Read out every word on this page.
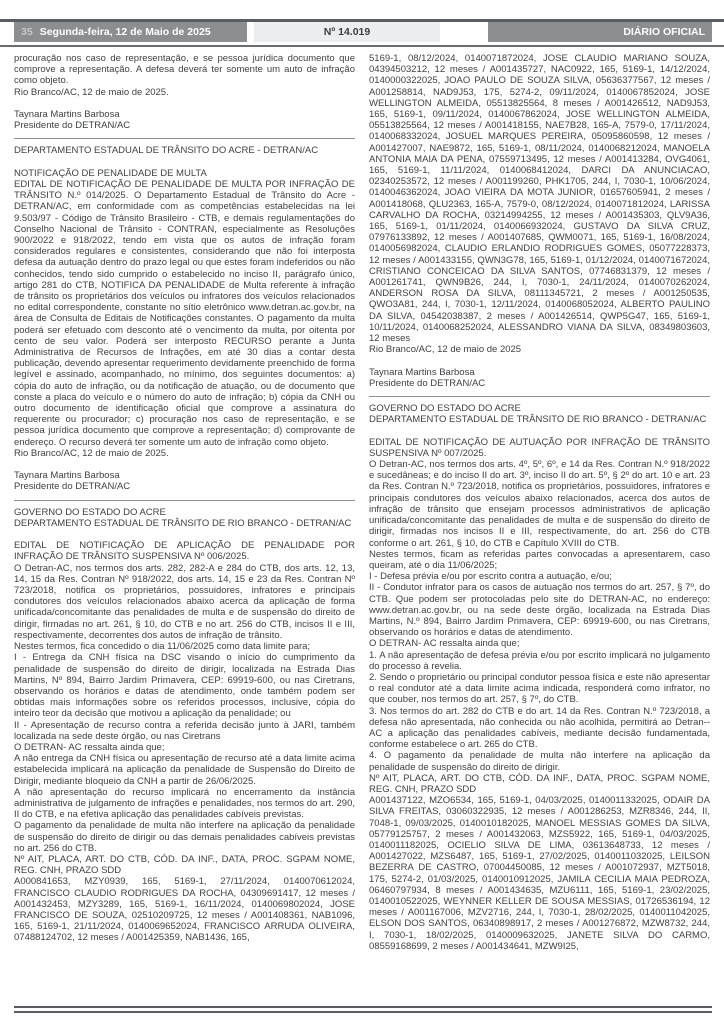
35 Segunda-feira, 12 de Maio de 2025	Nº 14.019	DIÁRIO OFICIAL

procuração nos caso de representação, e se pessoa jurídica documento que comprove a representação. A defesa deverá ter somente um auto de infração como objeto.

Rio Branco/AC, 12 de maio de 2025.

Taynara Martins Barbosa

Presidente do DETRAN/AC

DEPARTAMENTO ESTADUAL DE TRÂNSITO DO ACRE - DETRAN/AC

NOTIFICAÇÃO DE PENALIDADE DE MULTA

EDITAL DE NOTIFICAÇÃO DE PENALIDADE DE MULTA POR INFRAÇÃO DE TRÂNSITO N.º 014/2025. O Departamento Estadual de Trânsito do Acre - DETRAN/AC, em conformidade com as competências estabelecidas na lei 9.503/97 - Código de Trânsito Brasileiro - CTB, e demais regulamentações do Conselho Nacional de Trânsito - CONTRAN, especialmente as Resoluções 900/2022 e 918/2022, tendo em vista que os autos de infração foram considerados regulares e consistentes, considerando que não foi interposta defesa da autuação dentro do prazo legal ou que estes foram indeferidos ou não conhecidos, tendo sido cumprido o estabelecido no inciso II, parágrafo único, artigo 281 do CTB, NOTIFICA DA PENALIDADE de Multa referente à infração de trânsito os proprietários dos veículos ou infratores dos veículos relacionados no edital correspondente, constante no sítio eletrônico www.detran.ac.gov.br, na área de Consulta de Editais de Notificações constantes. O pagamento da multa poderá ser efetuado com desconto até o vencimento da multa, por oitenta por cento de seu valor. Poderá ser interposto RECURSO perante a Junta Administrativa de Recursos de Infrações, em até 30 dias a contar desta publicação, devendo apresentar requerimento devidamente preenchido de forma legível e assinado, acompanhado, no mínimo, dos seguintes documentos: a) cópia do auto de infração, ou da notificação de atuação, ou de documento que conste a placa do veículo e o número do auto de infração; b) cópia da CNH ou outro documento de identificação oficial que comprove a assinatura do requerente ou procurador; c) procuração nos caso de representação, e se pessoa jurídica documento que comprove a representação; d) comprovante de endereço. O recurso deverá ter somente um auto de infração como objeto.

Rio Branco/AC, 12 de maio de 2025.

Taynara Martins Barbosa

Presidente do DETRAN/AC

GOVERNO DO ESTADO DO ACRE

DEPARTAMENTO ESTADUAL DE TRÂNSITO DE RIO BRANCO - DETRAN/AC

EDITAL DE NOTIFICAÇÃO DE APLICAÇÃO DE PENALIDADE POR INFRAÇÃO DE TRÂNSITO SUSPENSIVA Nº 006/2025.

O Detran-AC, nos termos dos arts. 282, 282-A e 284 do CTB, dos arts. 12, 13, 14, 15 da Res. Contran Nº 918/2022, dos arts. 14, 15 e 23 da Res. Contran Nº 723/2018, notifica os proprietários, possuidores, infratores e principais condutores dos veículos relacionados abaixo acerca da aplicação de forma unificada/concomitante das penalidades de multa e de suspensão do direito de dirigir, firmadas no art. 261, § 10, do CTB e no art. 256 do CTB, incisos II e III, respectivamente, decorrentes dos autos de infração de trânsito.

Nestes termos, fica concedido o dia 11/06/2025 como data limite para;

I - Entrega da CNH física na DSC visando o início do cumprimento da penalidade de suspensão do direito de dirigir, localizada na Estrada Dias Martins, Nº 894, Bairro Jardim Primavera, CEP: 69919-600, ou nas Ciretrans, observando os horários e datas de atendimento, onde também podem ser obtidas mais informações sobre os referidos processos, inclusive, cópia do inteiro teor da decisão que motivou a aplicação da penalidade; ou

II - Apresentação de recurso contra a referida decisão junto à JARI, também localizada na sede deste órgão, ou nas Ciretrans

O DETRAN- AC ressalta ainda que;

A não entrega da CNH física ou apresentação de recurso até a data limite acima estabelecida implicará na aplicação da penalidade de Suspensão do Direito de Dirigir, mediante bloqueio da CNH a partir de 26/06/2025.

A não apresentação do recurso implicará no encerramento da instância administrativa de julgamento de infrações e penalidades, nos termos do art. 290, II do CTB, e na efetiva aplicação das penalidades cabíveis previstas.

O pagamento da penalidade de multa não interfere na aplicação da penalidade de suspensão do direito de dirigir ou das demais penalidades cabíveis previstas no art. 256 do CTB.

Nº AIT, PLACA, ART. DO CTB, CÓD. DA INF., DATA, PROC. SGPAM NOME, REG. CNH, PRAZO SDD

A000841653, MZY0939, 165, 5169-1, 27/11/2024, 0140070612024, FRANCISCO CLAUDIO RODRIGUES DA ROCHA, 04309691417, 12 meses / A001432453, MZY3289, 165, 5169-1, 16/11/2024, 0140069802024, JOSE FRANCISCO DE SOUZA, 02510209725, 12 meses / A001408361, NAB1096, 165, 5169-1, 21/11/2024, 0140069652024, FRANCISCO ARRUDA OLIVEIRA, 07488124702, 12 meses / A001425359, NAB1436, 165,

5169-1, 08/12/2024, 0140071872024, JOSE CLAUDIO MARIANO SOUZA, 04394503212, 12 meses / A001435727, NAC0922, 165, 5169-1, 14/12/2024, 0140000322025, JOAO PAULO DE SOUZA SILVA, 05636377567, 12 meses / A001258814, NAD9J53, 175, 5274-2, 09/11/2024, 0140067852024, JOSE WELLINGTON ALMEIDA, 05513825564, 8 meses / A001426512, NAD9J53, 165, 5169-1, 09/11/2024, 0140067862024, JOSE WELLINGTON ALMEIDA, 05513825564, 12 meses / A001418155, NAE7B28, 165-A, 7579-0, 17/11/2024, 0140068332024, JOSUEL MARQUES PEREIRA, 05095860598, 12 meses / A001427007, NAE9872, 165, 5169-1, 08/11/2024, 0140068212024, MANOELA ANTONIA MAIA DA PENA, 07559713495, 12 meses / A001413284, OVG4061, 165, 5169-1, 11/11/2024, 0140068412024, DARCI DA ANUNCIACAO, 02340253572, 12 meses / A001199260, PHK1705, 244, I, 7030-1, 10/06/2024, 0140046362024, JOAO VIEIRA DA MOTA JUNIOR, 01657605941, 2 meses / A001418068, QLU2363, 165-A, 7579-0, 08/12/2024, 0140071812024, LARISSA CARVALHO DA ROCHA, 03214994255, 12 meses / A001435303, QLV9A36, 165, 5169-1, 01/11/2024, 0140066932024, GUSTAVO DA SILVA CRUZ, 07976133892, 12 meses / A001407685, QWM0071, 165, 5169-1, 16/08/2024, 0140056982024, CLAUDIO ERLANDIO RODRIGUES GOMES, 05077228373, 12 meses / A001433155, QWN3G78, 165, 5169-1, 01/12/2024, 0140071672024, CRISTIANO CONCEICAO DA SILVA SANTOS, 07746831379, 12 meses / A001261741, QWN9B26, 244, I, 7030-1, 24/11/2024, 0140070262024, ANDERSON ROSA DA SILVA, 08111345721, 2 meses / A001250535, QWO3A81, 244, I, 7030-1, 12/11/2024, 0140068052024, ALBERTO PAULINO DA SILVA, 04542038387, 2 meses / A001426514, QWP5G47, 165, 5169-1, 10/11/2024, 0140068252024, ALESSANDRO VIANA DA SILVA, 08349803603, 12 meses

Rio Branco/AC, 12 de maio de 2025

Taynara Martins Barbosa

Presidente do DETRAN/AC

GOVERNO DO ESTADO DO ACRE

DEPARTAMENTO ESTADUAL DE TRÂNSITO DE RIO BRANCO - DETRAN/AC

EDITAL DE NOTIFICAÇÃO DE AUTUAÇÃO POR INFRAÇÃO DE TRÂNSITO SUSPENSIVA Nº 007/2025.

O Detran-AC, nos termos dos arts. 4º, 5º, 6º, e 14 da Res. Contran N.º 918/2022 e sucedâneas; e do inciso II do art. 3º, inciso II do art. 5º, § 2º do art. 10 e art. 23 da Res. Contran N.º 723/2018, notifica os proprietários, possuidores, infratores e principais condutores dos veículos abaixo relacionados, acerca dos autos de infração de trânsito que ensejam processos administrativos de aplicação unificada/concomitante das penalidades de multa e de suspensão do direito de dirigir, firmadas nos incisos II e III, respectivamente, do art. 256 do CTB conforme o art. 261, § 10, do CTB e Capítulo XVIII do CTB.

Nestes termos, ficam as referidas partes convocadas a apresentarem, caso queiram, até o dia 11/06/2025;

I - Defesa prévia e/ou por escrito contra a autuação, e/ou;

II - Condutor infrator para os casos de autuação nos termos do art. 257, § 7º, do CTB. Que podem ser protocoladas pelo site do DETRAN-AC, no endereço: www.detran.ac.gov.br, ou na sede deste órgão, localizada na Estrada Dias Martins, N.º 894, Bairro Jardim Primavera, CEP: 69919-600, ou nas Ciretrans, observando os horários e datas de atendimento.

O DETRAN- AC ressalta ainda que;

1. A não apresentação de defesa prévia e/ou por escrito implicará no julgamento do processo à revelia.

2. Sendo o proprietário ou principal condutor pessoa física e este não apresentar o real condutor até a data limite acima indicada, responderá como infrator, no que couber, nos termos do art. 257, § 7º, do CTB.

3. Nos termos do art. 282 do CTB e do art. 14 da Res. Contran N.º 723/2018, a defesa não apresentada, não conhecida ou não acolhida, permitirá ao Detran--AC a aplicação das penalidades cabíveis, mediante decisão fundamentada, conforme estabelece o art. 265 do CTB.

4. O pagamento da penalidade de multa não interfere na aplicação da penalidade de suspensão do direito de dirigir.

Nº AIT, PLACA, ART. DO CTB, CÓD. DA INF., DATA, PROC. SGPAM NOME, REG. CNH, PRAZO SDD

A001437122, MZO6534, 165, 5169-1, 04/03/2025, 0140011332025, ODAIR DA SILVA FREITAS, 03060322935, 12 meses / A001286253, MZR8346, 244, II, 7048-1, 09/03/2025, 0140010182025, MANOEL MESSIAS GOMES DA SILVA, 05779125757, 2 meses / A001432063, MZS5922, 165, 5169-1, 04/03/2025, 0140011182025, OCIELIO SILVA DE LIMA, 03613648733, 12 meses / A001427022, MZS6487, 165, 5169-1, 27/02/2025, 0140011032025, LEILSON BEZERRA DE CASTRO, 07004450085, 12 meses / A001072937, MZT5018, 175, 5274-2, 01/03/2025, 0140010912025, JAMILA CECILIA MAIA PEDROZA, 06460797934, 8 meses / A001434635, MZU6111, 165, 5169-1, 23/02/2025, 0140010522025, WEYNNER KELLER DE SOUSA MESSIAS, 01726536194, 12 meses / A001167006, MZV2716, 244, I, 7030-1, 28/02/2025, 0140011042025, ELSON DOS SANTOS, 06340898917, 2 meses / A001276872, MZW8732, 244, I, 7030-1, 18/02/2025, 0140009632025, JANETE SILVA DO CARMO, 08559168699, 2 meses / A001434641, MZW9I25,
